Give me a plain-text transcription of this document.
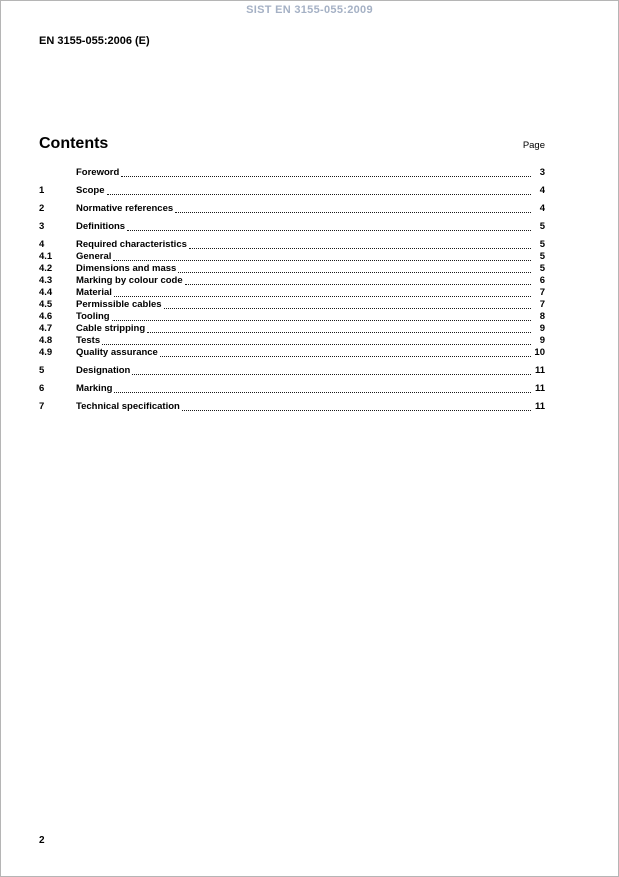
SIST EN 3155-055:2009
EN 3155-055:2006 (E)
Contents	Page
Foreword	3
1	Scope	4
2	Normative references	4
3	Definitions	5
4	Required characteristics	5
4.1	General	5
4.2	Dimensions and mass	5
4.3	Marking by colour code	6
4.4	Material	7
4.5	Permissible cables	7
4.6	Tooling	8
4.7	Cable stripping	9
4.8	Tests	9
4.9	Quality assurance	10
5	Designation	11
6	Marking	11
7	Technical specification	11
2
